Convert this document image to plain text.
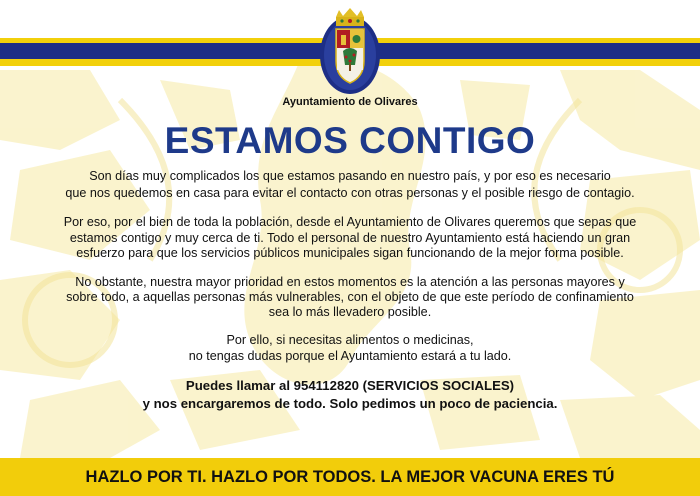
Ayuntamiento de Olivares
ESTAMOS CONTIGO
Son días muy complicados los que estamos pasando en nuestro país, y por eso es necesario
que nos quedemos en casa para evitar el contacto con otras personas y el posible riesgo de contagio.
Por eso, por el bien de toda la población, desde el Ayuntamiento de Olivares queremos que sepas que
estamos contigo y muy cerca de ti. Todo el personal de nuestro Ayuntamiento está haciendo un gran
esfuerzo para que los servicios públicos municipales sigan funcionando de la mejor forma posible.
No obstante, nuestra mayor prioridad en estos momentos es la atención a las personas mayores y
sobre todo, a aquellas personas más vulnerables, con el objeto de que este período de confinamiento
sea lo más llevadero posible.
Por ello, si necesitas alimentos o medicinas,
no tengas dudas porque el Ayuntamiento estará a tu lado.
Puedes llamar al 954112820 (SERVICIOS SOCIALES)
y nos encargaremos de todo. Solo pedimos un poco de paciencia.
HAZLO POR TI. HAZLO POR TODOS. LA MEJOR VACUNA ERES TÚ
